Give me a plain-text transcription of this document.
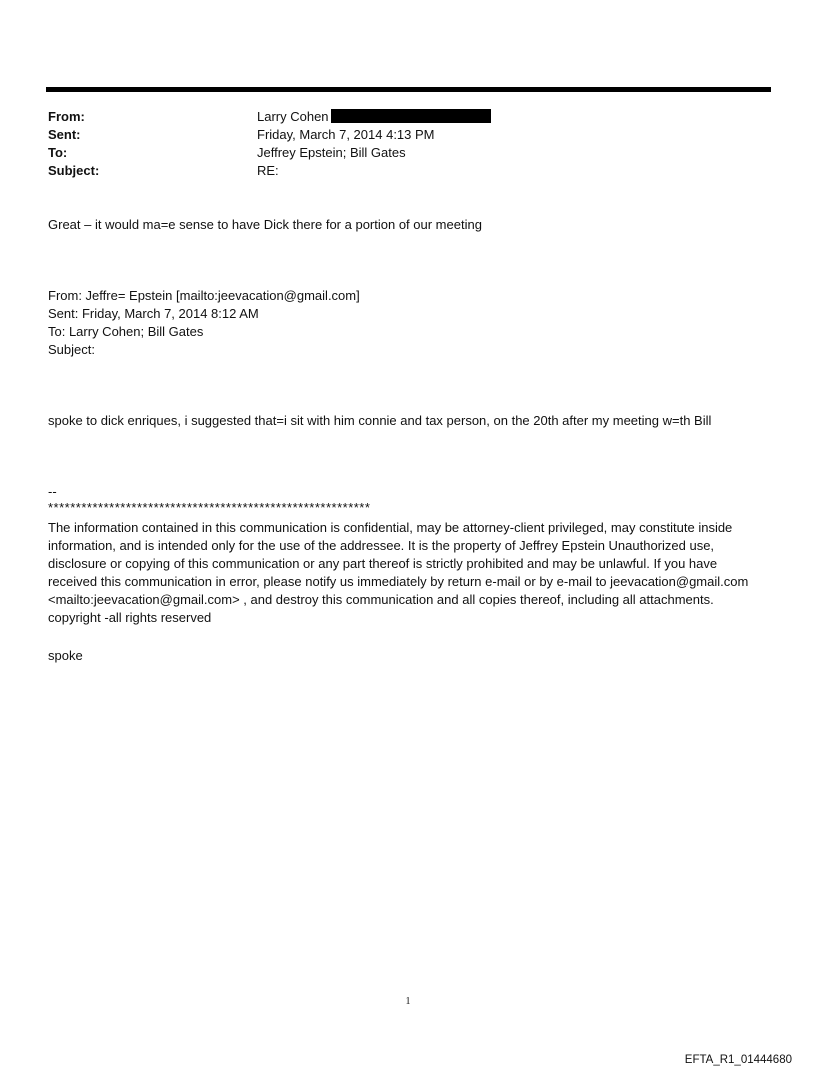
From:	Larry Cohen
Sent:	Friday, March 7, 2014 4:13 PM
To:	Jeffrey Epstein; Bill Gates
Subject:	RE:
Great – it would ma=e sense to have Dick there for a portion of our meeting
From: Jeffre= Epstein [mailto:jeevacation@gmail.com]
Sent: Friday, March 7, 2014 8:12 AM
To: Larry Cohen; Bill Gates
Subject:
spoke to dick enriques, i suggested that=i sit with him connie and tax person, on the 20th after my meeting w=th Bill
--
**********************************************************
The information contained in this communication is confidential, may be attorney-client privileged, may constitute inside information, and is intended only for the use of the addressee. It is the property of Jeffrey Epstein Unauthorized use, disclosure or copying of this communication or any part thereof is strictly prohibited and may be unlawful. If you have received this communication in error, please notify us immediately by return e-mail or by e-mail to jeevacation@gmail.com <mailto:jeevacation@gmail.com> , and destroy this communication and all copies thereof, including all attachments. copyright -all rights reserved
spoke
1
EFTA_R1_01444680
